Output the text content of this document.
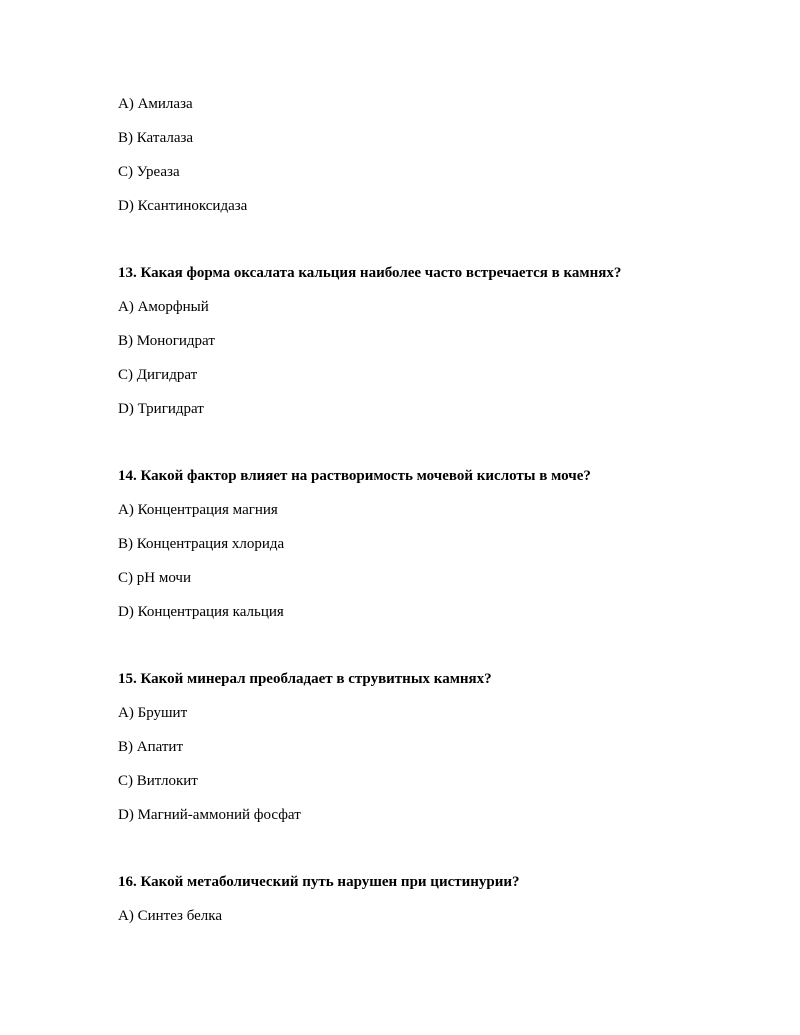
A) Амилаза
B) Каталаза
C) Уреаза
D) Ксантиноксидаза
13. Какая форма оксалата кальция наиболее часто встречается в камнях?
A) Аморфный
B) Моногидрат
C) Дигидрат
D) Тригидрат
14. Какой фактор влияет на растворимость мочевой кислоты в моче?
A) Концентрация магния
B) Концентрация хлорида
C) pH мочи
D) Концентрация кальция
15. Какой минерал преобладает в струвитных камнях?
A) Брушит
B) Апатит
C) Витлокит
D) Магний-аммоний фосфат
16. Какой метаболический путь нарушен при цистинурии?
A) Синтез белка
